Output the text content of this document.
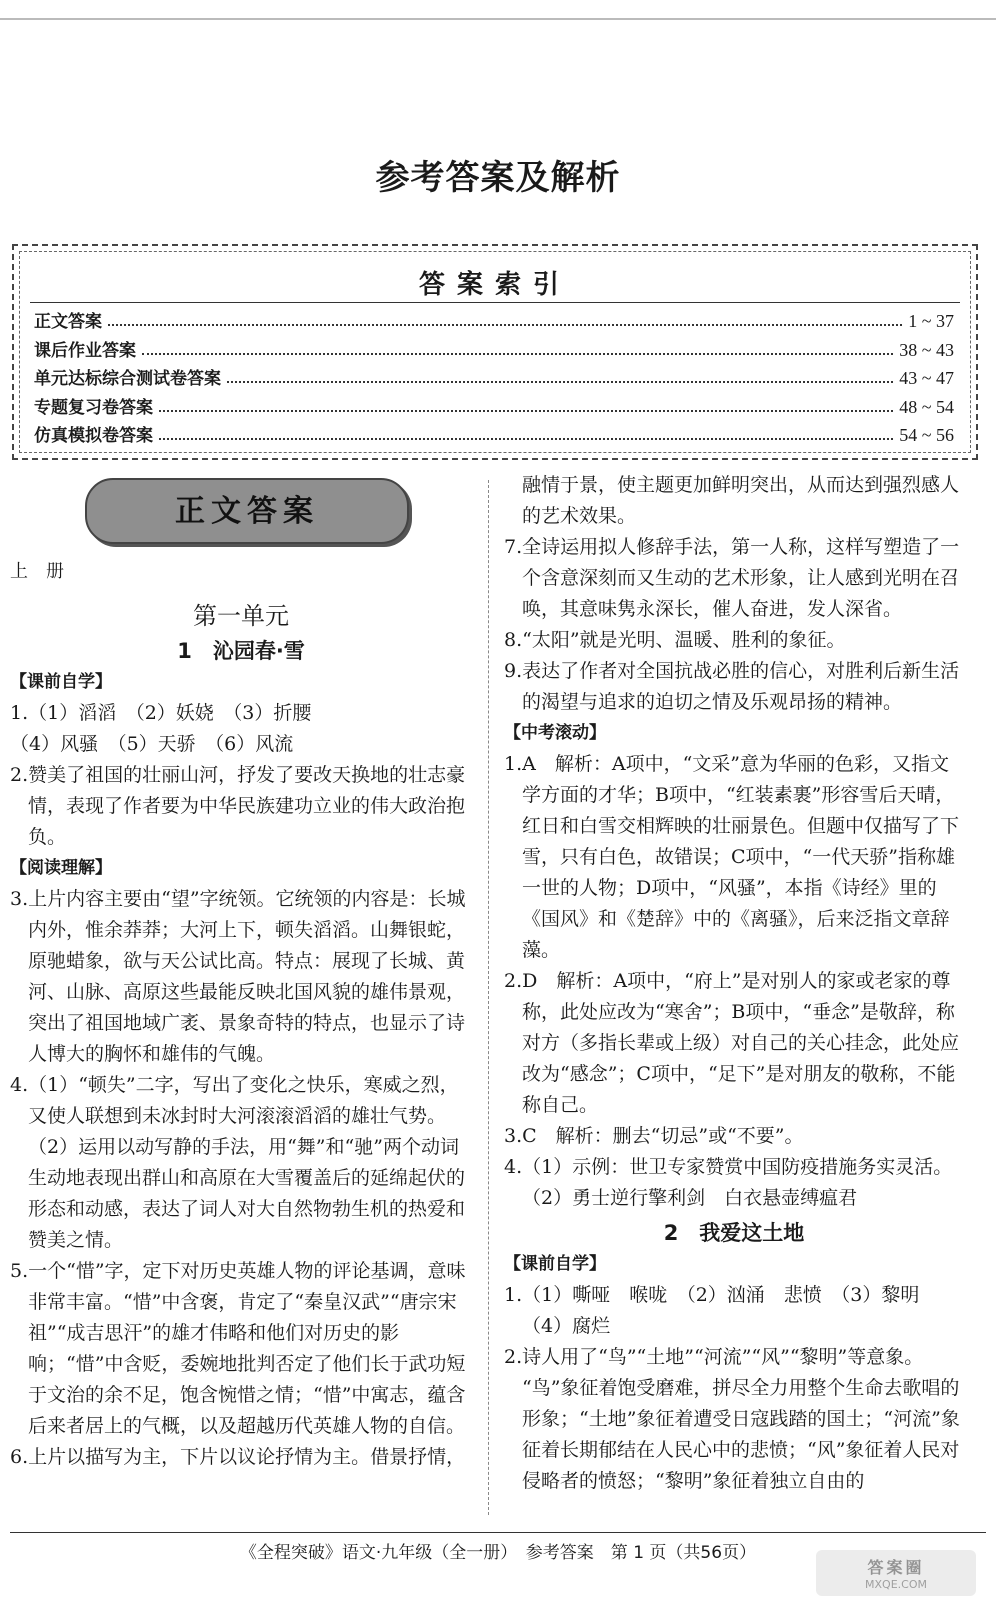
参考答案及解析
答案索引
正文答案	1 ~ 37
课后作业答案	38 ~ 43
单元达标综合测试卷答案	43 ~ 47
专题复习卷答案	48 ~ 54
仿真模拟卷答案	54 ~ 56
正文答案
上　册
第一单元
1　沁园春·雪
【课前自学】

1.（1）滔滔　（2）妖娆　（3）折腰

（4）风骚　（5）天骄　（6）风流

2.赞美了祖国的壮丽山河，抒发了要改天换地的壮志豪情，表现了作者要为中华民族建功立业的伟大政治抱负。

【阅读理解】

3.上片内容主要由“望”字统领。它统领的内容是：长城内外，惟余莽莽；大河上下，顿失滔滔。山舞银蛇，原驰蜡象，欲与天公试比高。特点：展现了长城、黄河、山脉、高原这些最能反映北国风貌的雄伟景观，突出了祖国地域广袤、景象奇特的特点，也显示了诗人博大的胸怀和雄伟的气魄。

4.（1）“顿失”二字，写出了变化之快乐，寒威之烈，又使人联想到未冰封时大河滚滚滔滔的雄壮气势。

（2）运用以动写静的手法，用“舞”和“驰”两个动词生动地表现出群山和高原在大雪覆盖后的延绵起伏的形态和动感，表达了词人对大自然物勃生机的热爱和赞美之情。

5.一个“惜”字，定下对历史英雄人物的评论基调，意味非常丰富。“惜”中含褒，肯定了“秦皇汉武”“唐宗宋祖”“成吉思汗”的雄才伟略和他们对历史的影响；“惜”中含贬，委婉地批判否定了他们长于武功短于文治的余不足，饱含惋惜之情；“惜”中寓志，蕴含后来者居上的气概，以及超越历代英雄人物的自信。

6.上片以描写为主，下片以议论抒情为主。借景抒情，

融情于景，使主题更加鲜明突出，从而达到强烈感人的艺术效果。

7.全诗运用拟人修辞手法，第一人称，这样写塑造了一个含意深刻而又生动的艺术形象，让人感到光明在召唤，其意味隽永深长，催人奋进，发人深省。

8.“太阳”就是光明、温暖、胜利的象征。

9.表达了作者对全国抗战必胜的信心，对胜利后新生活的渴望与追求的迫切之情及乐观昂扬的精神。

【中考滚动】

1.A　解析：A项中，“文采”意为华丽的色彩，又指文学方面的才华；B项中，“红装素裹”形容雪后天晴，红日和白雪交相辉映的壮丽景色。但题中仅描写了下雪，只有白色，故错误；C项中，“一代天骄”指称雄一世的人物；D项中，“风骚”，本指《诗经》里的《国风》和《楚辞》中的《离骚》，后来泛指文章辞藻。

2.D　解析：A项中，“府上”是对别人的家或老家的尊称，此处应改为“寒舍”；B项中，“垂念”是敬辞，称对方（多指长辈或上级）对自己的关心挂念，此处应改为“感念”；C项中，“足下”是对朋友的敬称，不能称自己。

3.C　解析：删去“切忌”或“不要”。

4.（1）示例：世卫专家赞赏中国防疫措施务实灵活。

（2）勇士逆行擎利剑　白衣悬壶缚瘟君

2　我爱这土地
【课前自学】

1.（1）嘶哑　喉咙　（2）汹涌　悲愤　（3）黎明

（4）腐烂

2.诗人用了“鸟”“土地”“河流”“风”“黎明”等意象。

“鸟”象征着饱受磨难，拼尽全力用整个生命去歌唱的形象；“土地”象征着遭受日寇践踏的国土；“河流”象征着长期郁结在人民心中的悲愤；“风”象征着人民对侵略者的愤怒；“黎明”象征着独立自由的

《全程突破》语文·九年级（全一册）　参考答案　第 1 页（共56页）
答案圈
MXQE.COM
